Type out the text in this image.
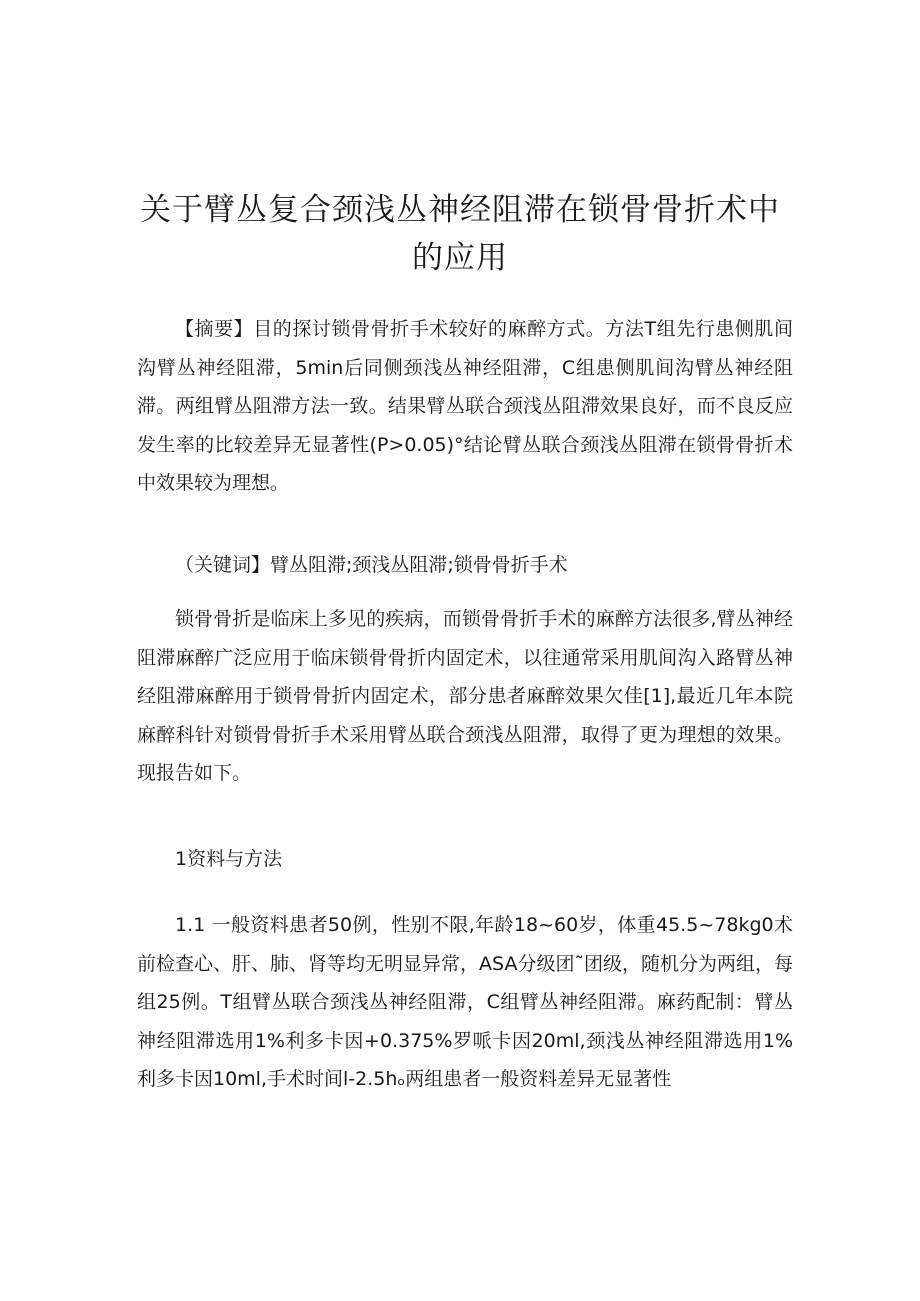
关于臂丛复合颈浅丛神经阻滞在锁骨骨折术中的应用

【摘要】目的探讨锁骨骨折手术较好的麻醉方式。方法T组先行患侧肌间沟臂丛神经阻滞，5min后同侧颈浅丛神经阻滞，C组患侧肌间沟臂丛神经阻滞。两组臂丛阻滞方法一致。结果臂丛联合颈浅丛阻滞效果良好，而不良反应发生率的比较差异无显著性(P>0.05)°结论臂丛联合颈浅丛阻滞在锁骨骨折术中效果较为理想。

（关键词】臂丛阻滞;颈浅丛阻滞;锁骨骨折手术

锁骨骨折是临床上多见的疾病，而锁骨骨折手术的麻醉方法很多,臂丛神经阻滞麻醉广泛应用于临床锁骨骨折内固定术，以往通常采用肌间沟入路臂丛神经阻滞麻醉用于锁骨骨折内固定术，部分患者麻醉效果欠佳[1],最近几年本院麻醉科针对锁骨骨折手术采用臂丛联合颈浅丛阻滞，取得了更为理想的效果。现报告如下。

1资料与方法

1.1 一般资料患者50例，性别不限,年龄18~60岁，体重45.5~78kg0术前检查心、肝、肺、肾等均无明显异常，ASA分级团˜团级，随机分为两组，每组25例。T组臂丛联合颈浅丛神经阻滞，C组臂丛神经阻滞。麻药配制：臂丛神经阻滞选用1%利多卡因+0.375%罗哌卡因20ml,颈浅丛神经阻滞选用1%利多卡因10ml,手术时间l-2.5hₒ两组患者一般资料差异无显著性
